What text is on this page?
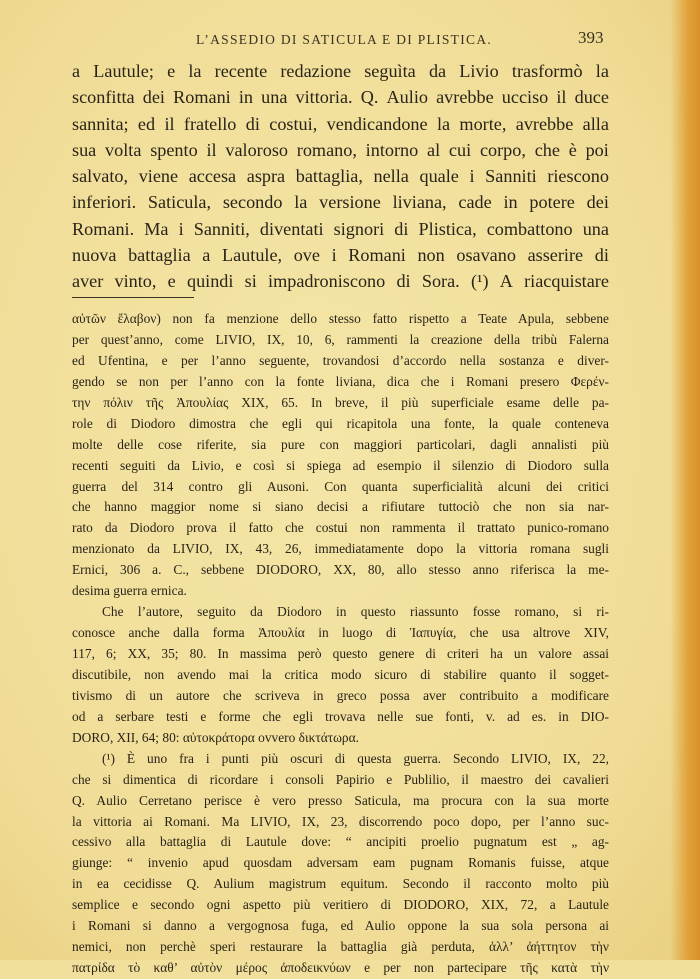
L’ASSEDIO DI SATICULA E DI PLISTICA.	393
a Lautule; e la recente redazione seguìta da Livio trasformò la
sconfitta dei Romani in una vittoria. Q. Aulio avrebbe ucciso il duce
sannita; ed il fratello di costui, vendicandone la morte, avrebbe alla
sua volta spento il valoroso romano, intorno al cui corpo, che è poi
salvato, viene accesa aspra battaglia, nella quale i Sanniti riescono
inferiori. Saticula, secondo la versione liviana, cade in potere dei
Romani. Ma i Sanniti, diventati signori di Plistica, combattono una
nuova battaglia a Lautule, ove i Romani non osavano asserire di
aver vinto, e quindi si impadroniscono di Sora. (¹) A riacquistare
αὐτῶν ἔλαβον) non fa menzione dello stesso fatto rispetto a Teate Apula, sebbene
per quest’anno, come LIVIO, IX, 10, 6, rammenti la creazione della tribù Falerna
ed Ufentina, e per l’anno seguente, trovandosi d’accordo nella sostanza e diver-
gendo se non per l’anno con la fonte liviana, dica che i Romani presero Φερέν-
την πόλιν τῆς Ἀπουλίας XIX, 65. In breve, il più superficiale esame delle pa-
role di Diodoro dimostra che egli qui ricapitola una fonte, la quale conteneva
molte delle cose riferite, sia pure con maggiori particolari, dagli annalisti più
recenti seguiti da Livio, e così si spiega ad esempio il silenzio di Diodoro sulla
guerra del 314 contro gli Ausoni. Con quanta superficialità alcuni dei critici
che hanno maggior nome si siano decisi a rifiutare tuttociò che non sia nar-
rato da Diodoro prova il fatto che costui non rammenta il trattato punico-romano
menzionato da LIVIO, IX, 43, 26, immediatamente dopo la vittoria romana sugli
Ernici, 306 a. C., sebbene DIODORO, XX, 80, allo stesso anno riferisca la me-
desima guerra ernica.
Che l’autore, seguito da Diodoro in questo riassunto fosse romano, si ri-
conosce anche dalla forma Ἀπουλία in luogo di Ἰαπυγία, che usa altrove XIV,
117, 6; XX, 35; 80. In massima però questo genere di criteri ha un valore assai
discutibile, non avendo mai la critica modo sicuro di stabilire quanto il sogget-
tivismo di un autore che scriveva in greco possa aver contribuito a modificare
od a serbare testi e forme che egli trovava nelle sue fonti, v. ad es. in DIO-
DORO, XII, 64; 80: αὐτοκράτορα ovvero δικτάτωρα.
(¹) È uno fra i punti più oscuri di questa guerra. Secondo LIVIO, IX, 22,
che si dimentica di ricordare i consoli Papirio e Publilio, il maestro dei cavalieri
Q. Aulio Cerretano perisce è vero presso Saticula, ma procura con la sua morte
la vittoria ai Romani. Ma LIVIO, IX, 23, discorrendo poco dopo, per l’anno suc-
cessivo alla battaglia di Lautule dove: “ ancipiti proelio pugnatum est „ ag-
giunge: “ invenio apud quosdam adversam eam pugnam Romanis fuisse, atque
in ea cecidisse Q. Aulium magistrum equitum. Secondo il racconto molto più
semplice e secondo ogni aspetto più veritiero di DIODORO, XIX, 72, a Lautule
i Romani si danno a vergognosa fuga, ed Aulio oppone la sua sola persona ai
nemici, non perchè speri restaurare la battaglia già perduta, ἀλλ’ ἀήττητον τὴν
πατρίδα τὸ καθ’ αὐτὸν μέρος ἀποδεικνύων e per non partecipare τῆς κατὰ τὴν
